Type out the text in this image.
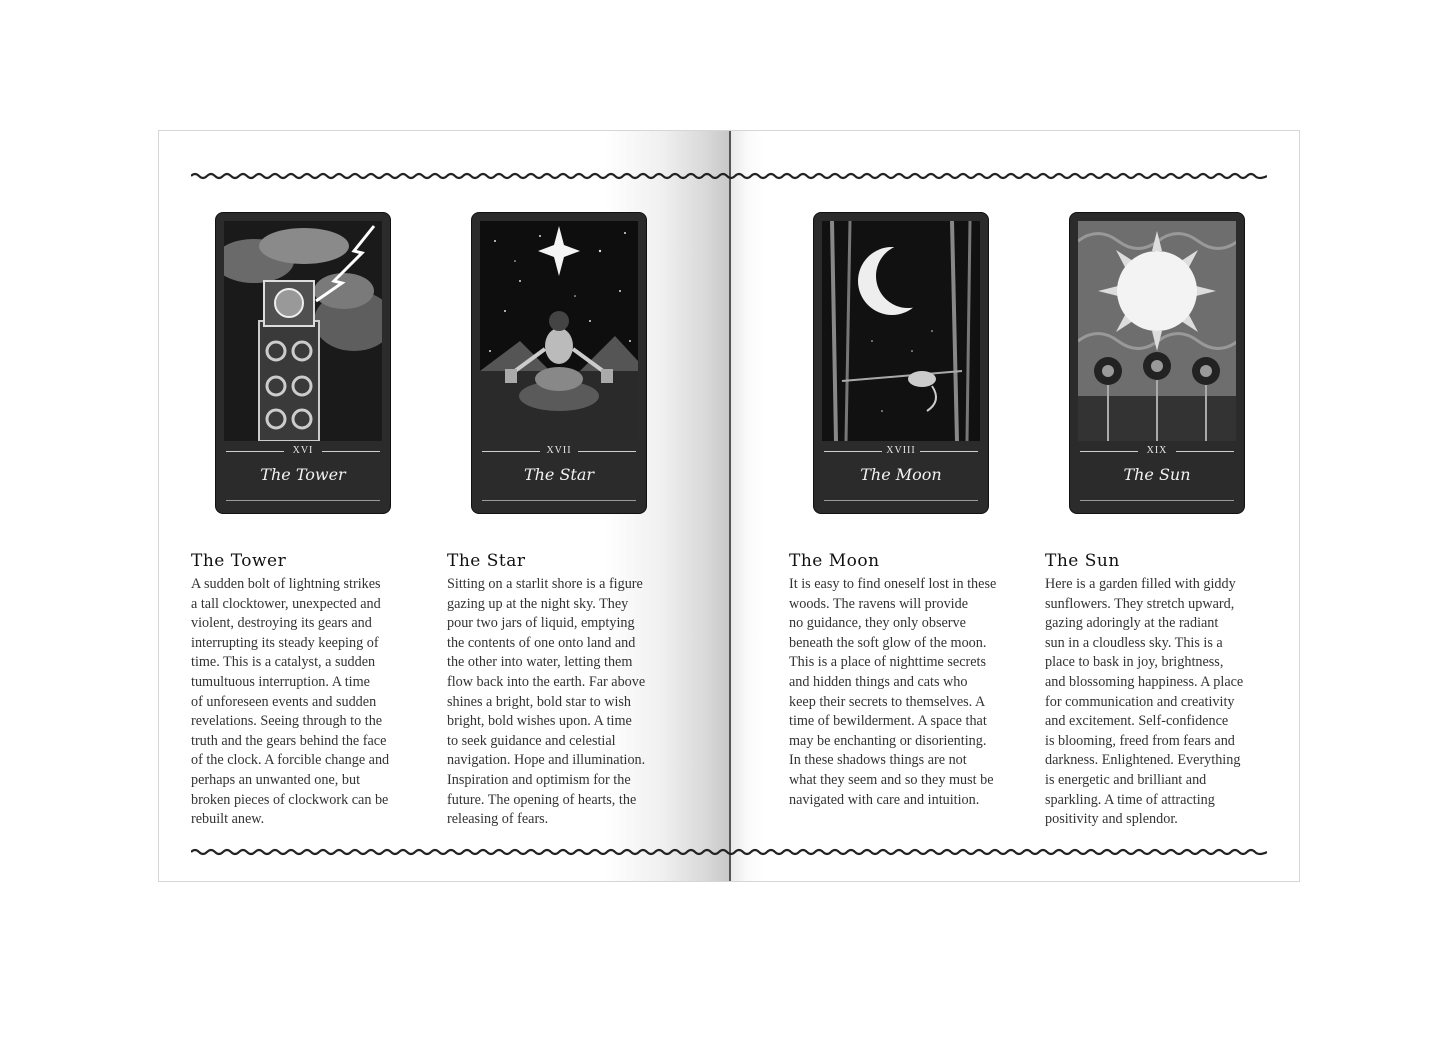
XVI
The Tower
The Tower
A sudden bolt of lightning strikes
a tall clocktower, unexpected and
violent, destroying its gears and
interrupting its steady keeping of
time. This is a catalyst, a sudden
tumultuous interruption. A time
of unforeseen events and sudden
revelations. Seeing through to the
truth and the gears behind the face
of the clock. A forcible change and
perhaps an unwanted one, but
broken pieces of clockwork can be
rebuilt anew.
XVII
The Star
The Star
Sitting on a starlit shore is a figure
gazing up at the night sky. They
pour two jars of liquid, emptying
the contents of one onto land and
the other into water, letting them
flow back into the earth. Far above
shines a bright, bold star to wish
bright, bold wishes upon. A time
to seek guidance and celestial
navigation. Hope and illumination.
Inspiration and optimism for the
future. The opening of hearts, the
releasing of fears.
XVIII
The Moon
The Moon
It is easy to find oneself lost in these
woods. The ravens will provide
no guidance, they only observe
beneath the soft glow of the moon.
This is a place of nighttime secrets
and hidden things and cats who
keep their secrets to themselves. A
time of bewilderment. A space that
may be enchanting or disorienting.
In these shadows things are not
what they seem and so they must be
navigated with care and intuition.
XIX
The Sun
The Sun
Here is a garden filled with giddy
sunflowers. They stretch upward,
gazing adoringly at the radiant
sun in a cloudless sky. This is a
place to bask in joy, brightness,
and blossoming happiness. A place
for communication and creativity
and excitement. Self-confidence
is blooming, freed from fears and
darkness. Enlightened. Everything
is energetic and brilliant and
sparkling. A time of attracting
positivity and splendor.
